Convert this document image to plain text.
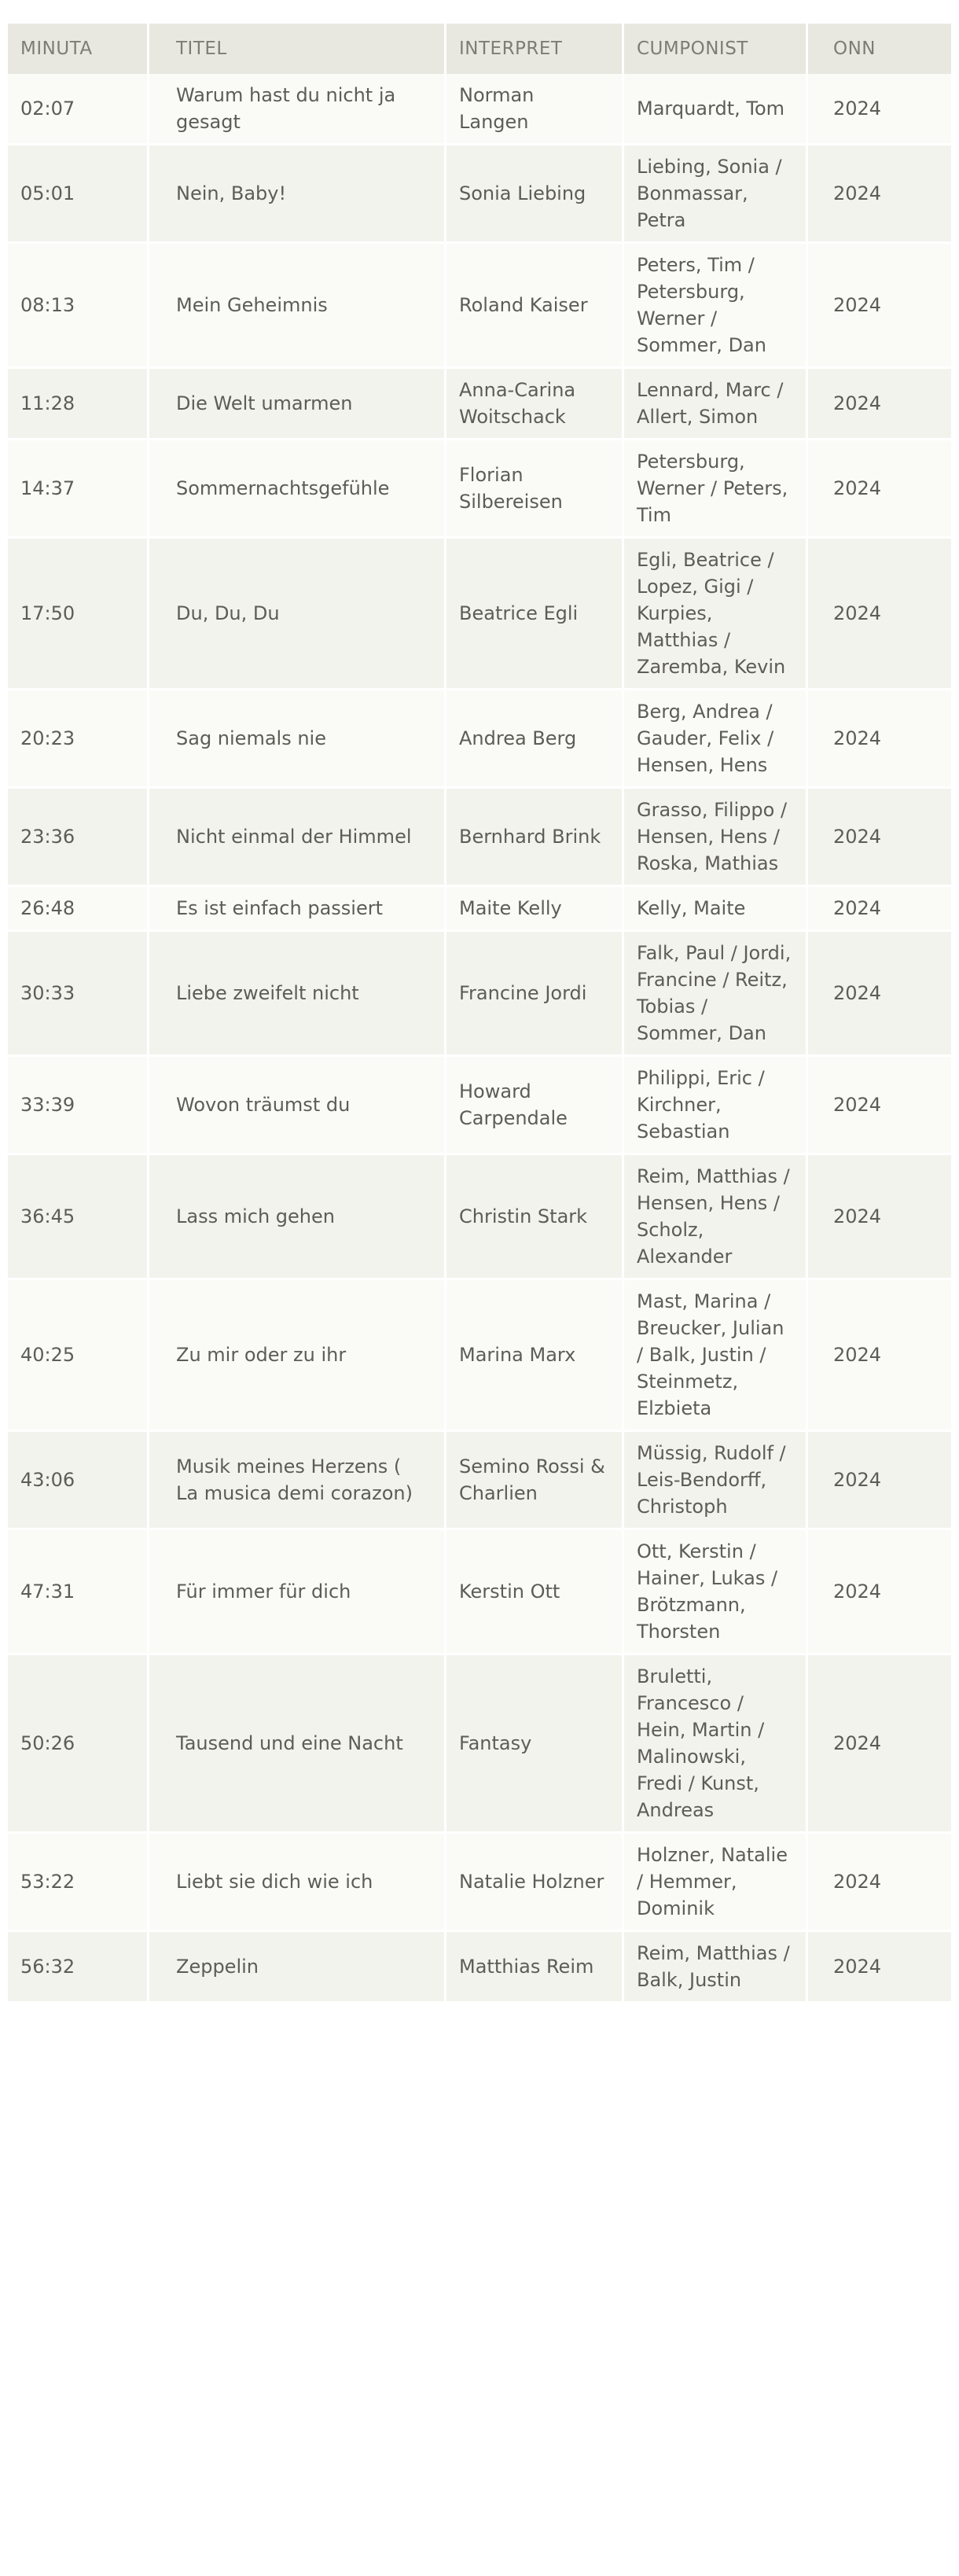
MINUTA	TITEL	INTERPRET	CUMPONIST	ONN
02:07	Warum hast du nicht ja gesagt	Norman Langen	Marquardt, Tom	2024
05:01	Nein, Baby!	Sonia Liebing	Liebing, Sonia / Bonmassar, Petra	2024
08:13	Mein Geheimnis	Roland Kaiser	Peters, Tim / Petersburg, Werner / Sommer, Dan	2024
11:28	Die Welt umarmen	Anna-Carina Woitschack	Lennard, Marc / Allert, Simon	2024
14:37	Sommernachtsgefühle	Florian Silbereisen	Petersburg, Werner / Peters, Tim	2024
17:50	Du, Du, Du	Beatrice Egli	Egli, Beatrice / Lopez, Gigi / Kurpies, Matthias / Zaremba, Kevin	2024
20:23	Sag niemals nie	Andrea Berg	Berg, Andrea / Gauder, Felix / Hensen, Hens	2024
23:36	Nicht einmal der Himmel	Bernhard Brink	Grasso, Filippo / Hensen, Hens / Roska, Mathias	2024
26:48	Es ist einfach passiert	Maite Kelly	Kelly, Maite	2024
30:33	Liebe zweifelt nicht	Francine Jordi	Falk, Paul / Jordi, Francine / Reitz, Tobias / Sommer, Dan	2024
33:39	Wovon träumst du	Howard Carpendale	Philippi, Eric / Kirchner, Sebastian	2024
36:45	Lass mich gehen	Christin Stark	Reim, Matthias / Hensen, Hens / Scholz, Alexander	2024
40:25	Zu mir oder zu ihr	Marina Marx	Mast, Marina / Breucker, Julian / Balk, Justin / Steinmetz, Elzbieta	2024
43:06	Musik meines Herzens ( La musica demi corazon)	Semino Rossi & Charlien	Müssig, Rudolf / Leis-Bendorff, Christoph	2024
47:31	Für immer für dich	Kerstin Ott	Ott, Kerstin / Hainer, Lukas / Brötzmann, Thorsten	2024
50:26	Tausend und eine Nacht	Fantasy	Bruletti, Francesco / Hein, Martin / Malinowski, Fredi / Kunst, Andreas	2024
53:22	Liebt sie dich wie ich	Natalie Holzner	Holzner, Natalie / Hemmer, Dominik	2024
56:32	Zeppelin	Matthias Reim	Reim, Matthias / Balk, Justin	2024
